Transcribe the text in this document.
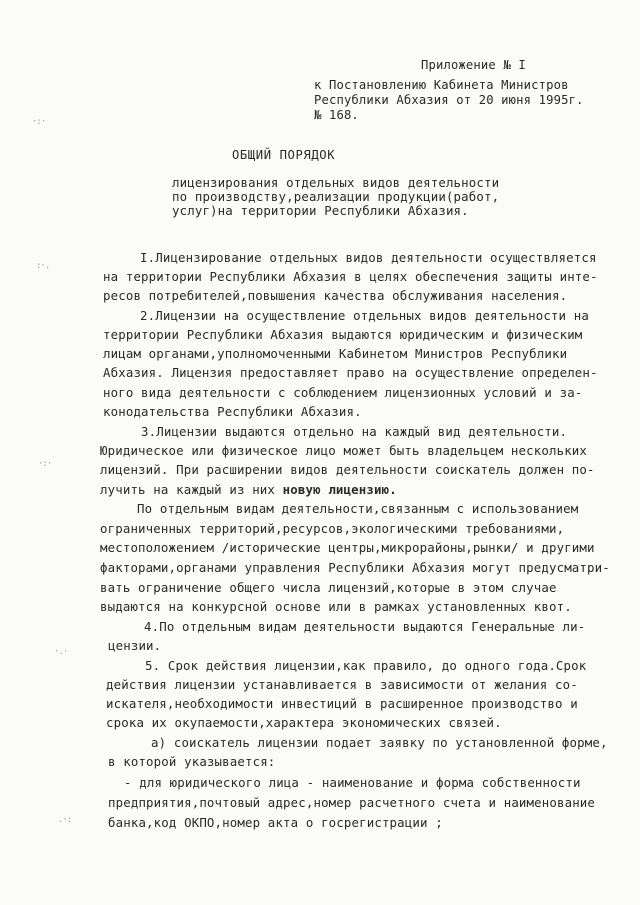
·:·
:·.
·:·
·.·
.·:
Приложение № I
к Постановлению Кабинета Министров
Республики Абхазия от 20 июня 1995г.
№ 168.
ОБЩИЙ ПОРЯДОК
лицензирования отдельных видов деятельности
по производству,реализации продукции(работ,
услуг)на территории Республики Абхазия.
I.Лицензирование отдельных видов деятельности осуществляется
на территории Республики Абхазия в целях обеспечения защиты инте-
ресов потребителей,повышения качества обслуживания населения.
2.Лицензии на осуществление отдельных видов деятельности на
территории Республики Абхазия выдаются юридическим и физическим
лицам органами,уполномоченными Кабинетом Министров Республики
Абхазия. Лицензия предоставляет право на осуществление определен-
ного вида деятельности с соблюдением лицензионных условий и за-
конодательства Республики Абхазия.
3.Лицензии выдаются отдельно на каждый вид деятельности.
Юридическое или физическое лицо может быть владельцем нескольких
лицензий. При расширении видов деятельности соискатель должен по-
лучить на каждый из них новую лицензию.
По отдельным видам деятельности,связанным с использованием
ограниченных территорий,ресурсов,экологическими требованиями,
местоположением /исторические центры,микрорайоны,рынки/ и другими
факторами,органами управления Республики Абхазия могут предусматри-
вать ограничение общего числа лицензий,которые в этом случае
выдаются на конкурсной основе или в рамках установленных квот.
4.По отдельным видам деятельности выдаются Генеральные ли-
цензии.
5. Срок действия лицензии,как правило, до одного года.Срок
действия лицензии устанавливается в зависимости от желания со-
искателя,необходимости инвестиций в расширенное производство и
срока их окупаемости,характера экономических связей.
а) соискатель лицензии подает заявку по установленной форме,
в которой указывается:
- для юридического лица - наименование и форма собственности
предприятия,почтовый адрес,номер расчетного счета и наименование
банка,код ОКПО,номер акта о госрегистрации ;
